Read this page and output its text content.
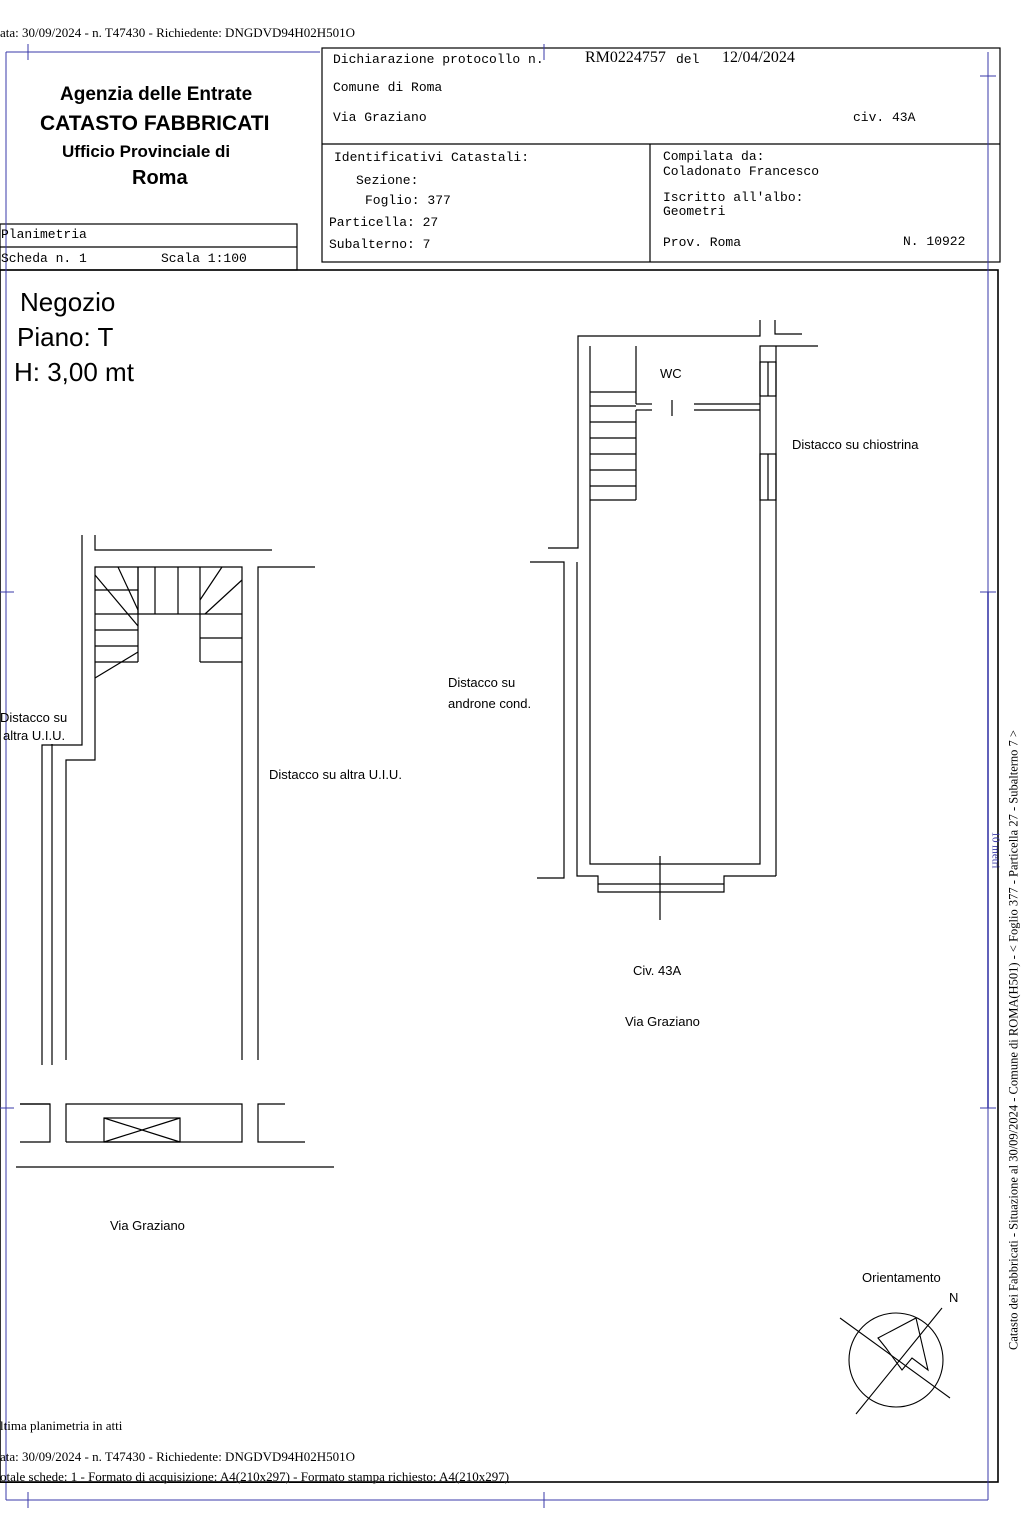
ata: 30/09/2024 - n. T47430 - Richiedente: DNGDVD94H02H501O
Agenzia delle Entrate
CATASTO FABBRICATI
Ufficio Provinciale di
Roma
Dichiarazione protocollo n.	RM0224757 del 12/04/2024
Comune di Roma
Via Graziano	civ. 43A
Identificativi Catastali:
Sezione:
Foglio: 377
Particella: 27
Subalterno: 7
Compilata da:
Coladonato Francesco
Iscritto all'albo:
Geometri
Prov. Roma	N. 10922
Planimetria
Scheda n. 1	Scala 1:100
Negozio
Piano: T
H: 3,00 mt	WC
Distacco su chiostrina
Distacco su
androne cond.
Distacco su
altra U.I.U.
Distacco su altra U.I.U.
Civ. 43A
Via Graziano
Via Graziano
Orientamento
N
10 metri Catasto dei Fabbricati - Situazione al 30/09/2024 - Comune di ROMA(H501) - < Foglio 377 - Particella 27 - Subalterno 7 >
ltima planimetria in atti
ata: 30/09/2024 - n. T47430 - Richiedente: DNGDVD94H02H501O
otale schede: 1 - Formato di acquisizione: A4(210x297) - Formato stampa richiesto: A4(210x297)
